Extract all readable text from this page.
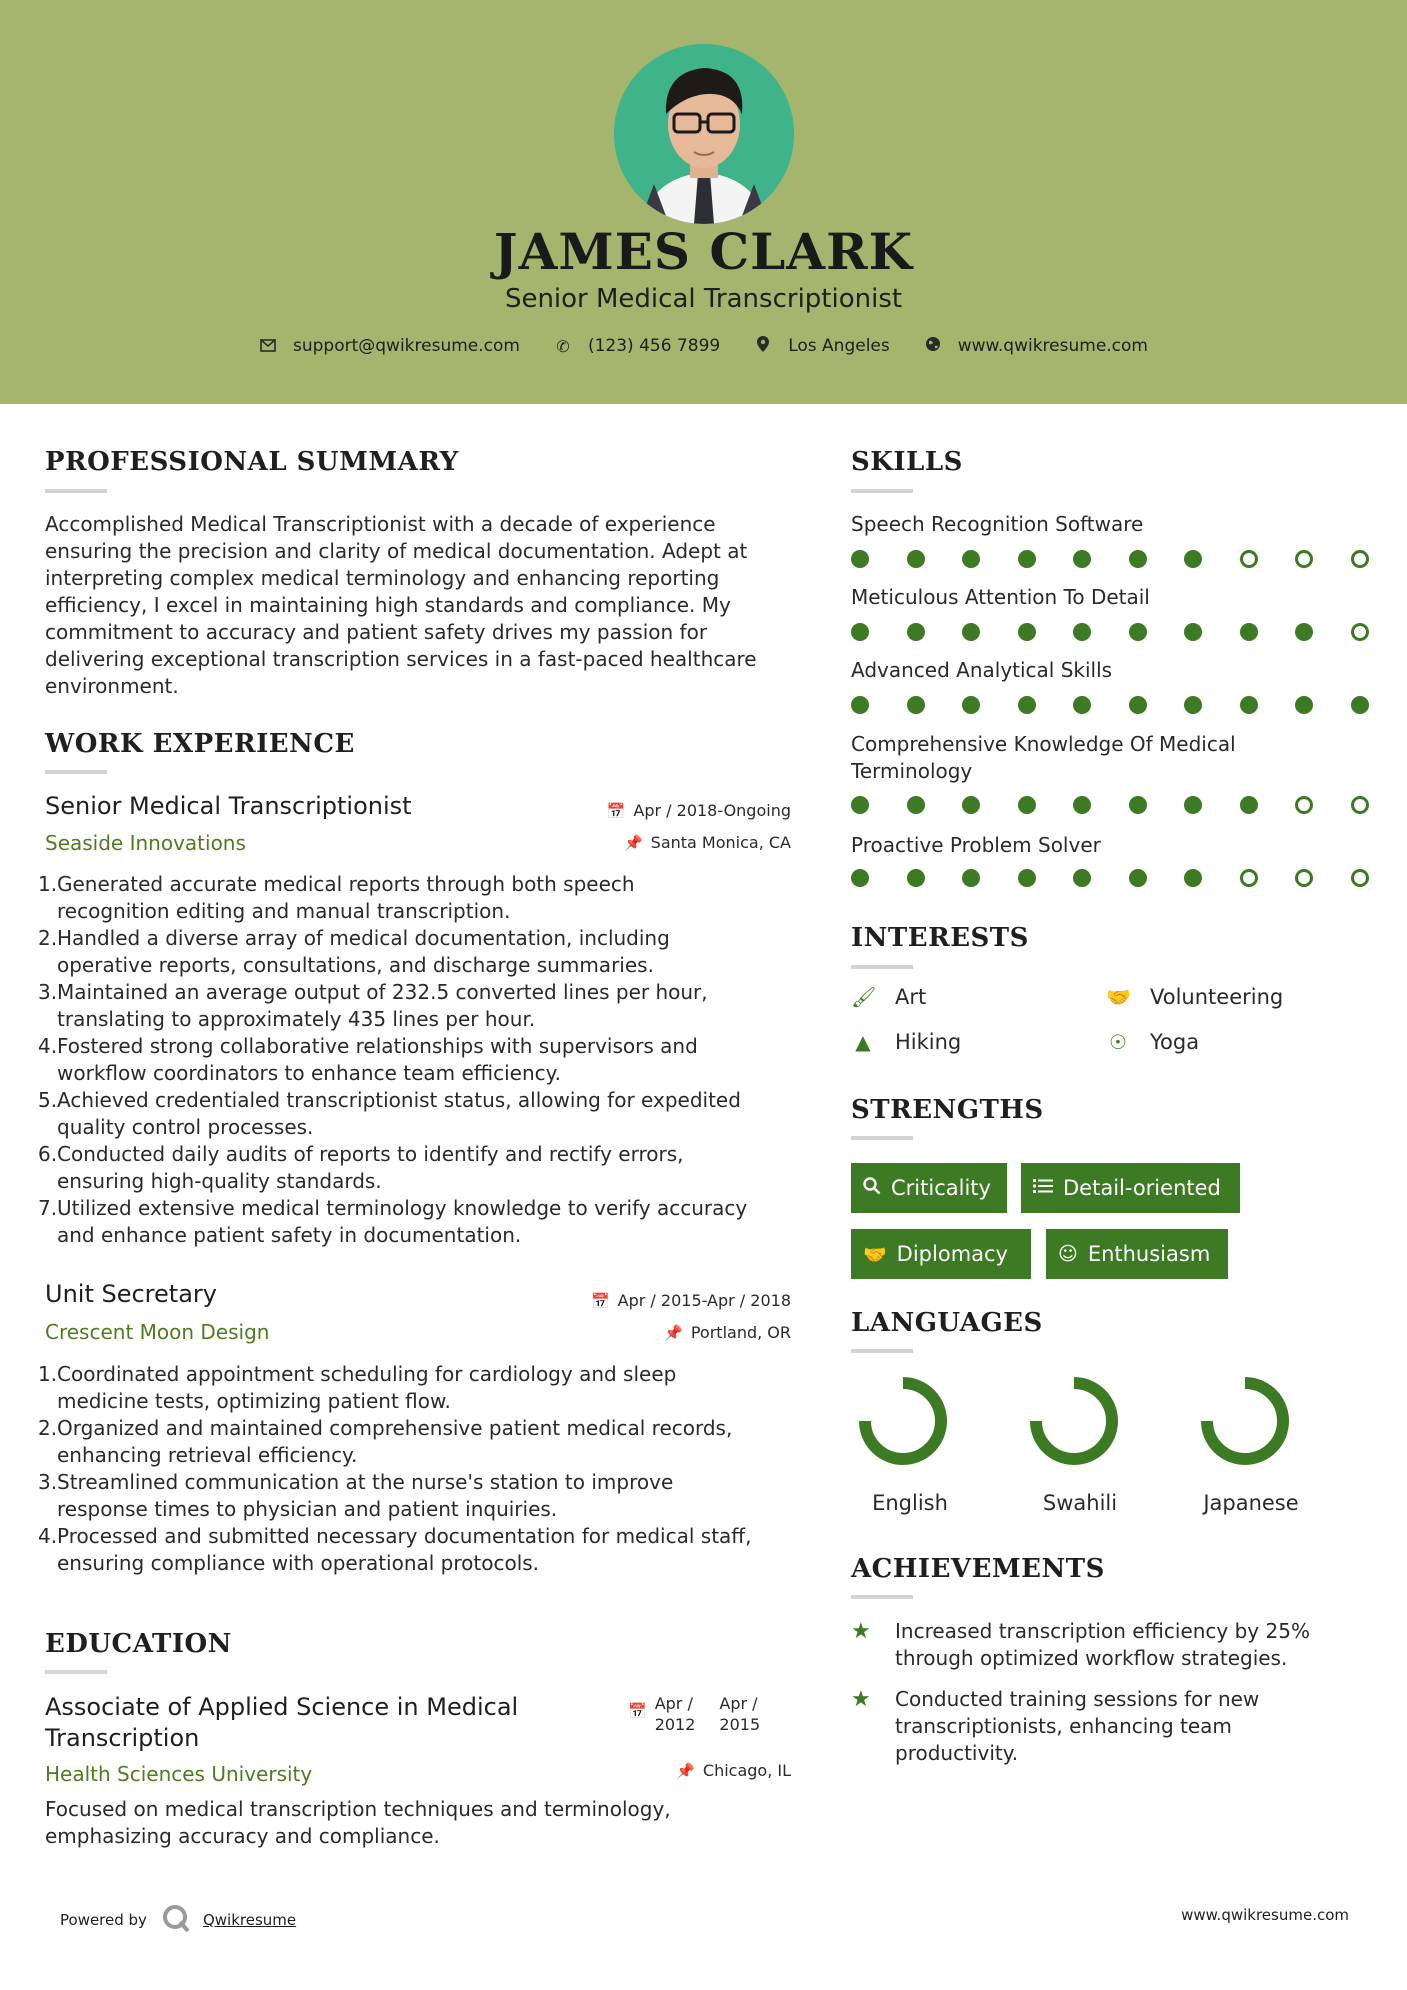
JAMES CLARK
Senior Medical Transcriptionist
support@qwikresume.com ✆ (123) 456 7899	Los Angeles	www.qwikresume.com
PROFESSIONAL SUMMARY
Accomplished Medical Transcriptionist with a decade of experience
ensuring the precision and clarity of medical documentation. Adept at
interpreting complex medical terminology and enhancing reporting
efficiency, I excel in maintaining high standards and compliance. My
commitment to accuracy and patient safety drives my passion for
delivering exceptional transcription services in a fast-paced healthcare
environment.
WORK EXPERIENCE
Senior Medical Transcriptionist
Seaside Innovations
📅 Apr / 2018-Ongoing
📌 Santa Monica, CA
1. Generated accurate medical reports through both speech
recognition editing and manual transcription.
2. Handled a diverse array of medical documentation, including
operative reports, consultations, and discharge summaries.
3. Maintained an average output of 232.5 converted lines per hour,
translating to approximately 435 lines per hour.
4. Fostered strong collaborative relationships with supervisors and
workflow coordinators to enhance team efficiency.
5. Achieved credentialed transcriptionist status, allowing for expedited
quality control processes.
6. Conducted daily audits of reports to identify and rectify errors,
ensuring high-quality standards.
7. Utilized extensive medical terminology knowledge to verify accuracy
and enhance patient safety in documentation.
Unit Secretary
Crescent Moon Design
📅 Apr / 2015-Apr / 2018
📌 Portland, OR
1. Coordinated appointment scheduling for cardiology and sleep
medicine tests, optimizing patient flow.
2. Organized and maintained comprehensive patient medical records,
enhancing retrieval efficiency.
3. Streamlined communication at the nurse's station to improve
response times to physician and patient inquiries.
4. Processed and submitted necessary documentation for medical staff,
ensuring compliance with operational protocols.
EDUCATION
Associate of Applied Science in Medical
Transcription
Health Sciences University
📅 Apr /
2012
Apr /
2015
📌 Chicago, IL
Focused on medical transcription techniques and terminology,
emphasizing accuracy and compliance.
SKILLS
Speech Recognition Software
Meticulous Attention To Detail
Advanced Analytical Skills
Comprehensive Knowledge Of Medical
Terminology
Proactive Problem Solver
INTERESTS
🖌 Art	🤝 Volunteering
▲ Hiking	☉ Yoga
STRENGTHS
Criticality	Detail-oriented
🤝 Diplomacy	☺ Enthusiasm
LANGUAGES
English	Swahili	Japanese
ACHIEVEMENTS
★	Increased transcription efficiency by 25%
through optimized workflow strategies.
★	Conducted training sessions for new
transcriptionists, enhancing team
productivity.
Powered by	Qwikresume	www.qwikresume.com
